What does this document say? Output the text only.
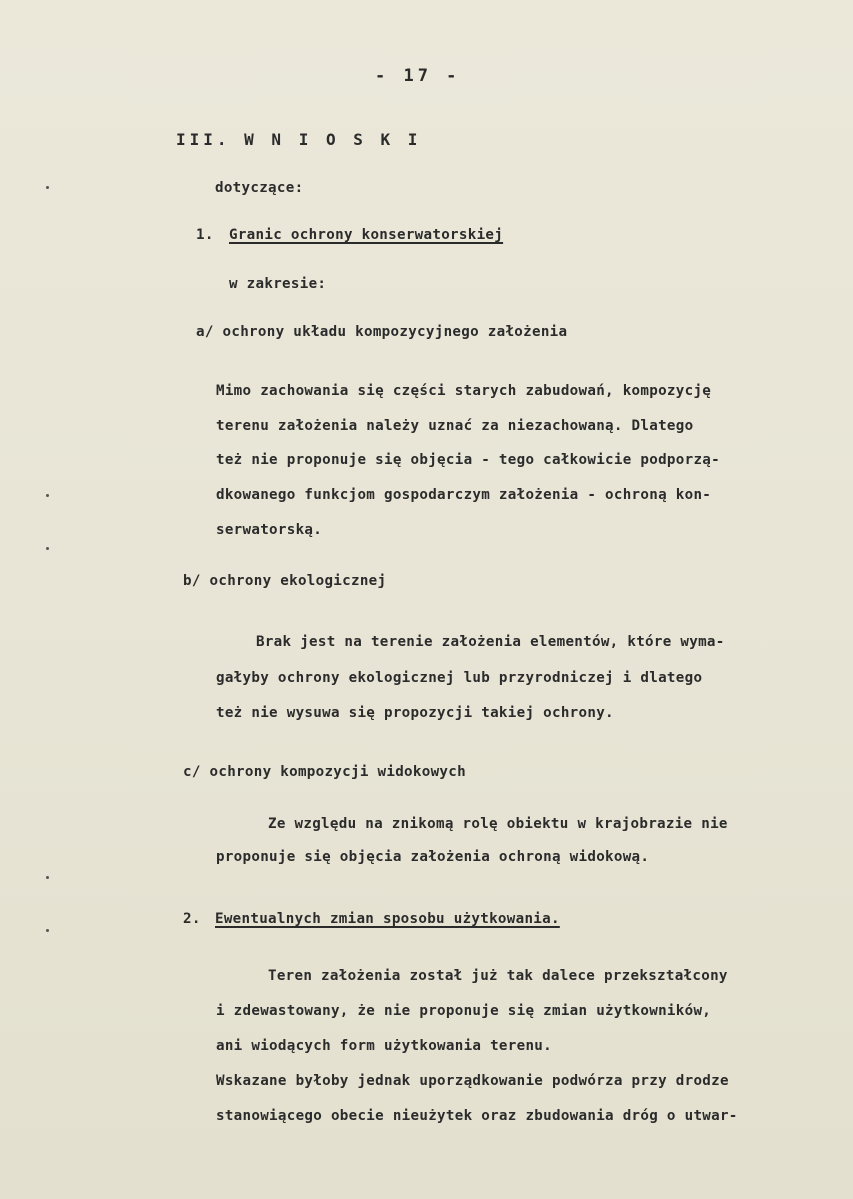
- 17 -

III. W N I O S K I

dotyczące:

1. Granic ochrony konserwatorskiej

w zakresie:

a/ ochrony układu kompozycyjnego założenia

Mimo zachowania się części starych zabudowań, kompozycję

terenu założenia należy uznać za niezachowaną. Dlatego

też nie proponuje się objęcia - tego całkowicie podporzą-

dkowanego funkcjom gospodarczym założenia - ochroną kon-

serwatorską.

b/ ochrony ekologicznej

Brak jest na terenie założenia elementów, które wyma-

gałyby ochrony ekologicznej lub przyrodniczej i dlatego

też nie wysuwa się propozycji takiej ochrony.

c/ ochrony kompozycji widokowych

Ze względu na znikomą rolę obiektu w krajobrazie nie

proponuje się objęcia założenia ochroną widokową.

2. Ewentualnych zmian sposobu użytkowania.

Teren założenia został już tak dalece przekształcony

i zdewastowany, że nie proponuje się zmian użytkowników,

ani wiodących form użytkowania terenu.

Wskazane byłoby jednak uporządkowanie podwórza przy drodze

stanowiącego obecie nieużytek oraz zbudowania dróg o utwar-
